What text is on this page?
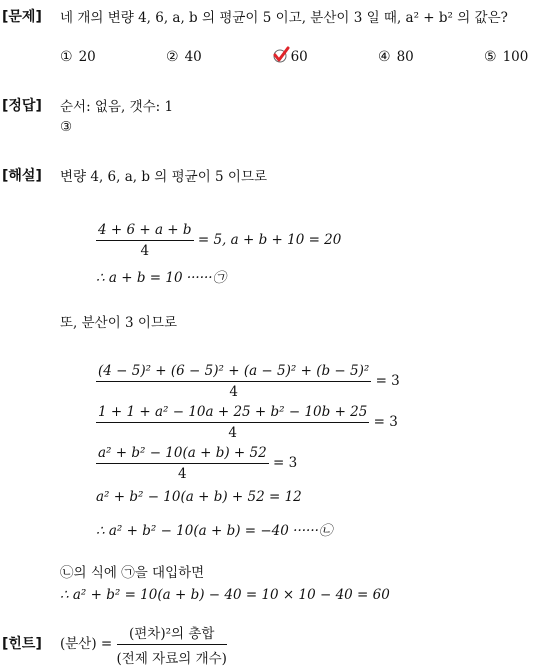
[문제] 네 개의 변량 4, 6, a, b 의 평균이 5 이고, 분산이 3 일 때, a² + b² 의 값은?
① 20	② 40	60	④ 80	⑤ 100
[정답] 순서: 없음, 갯수: 1
③
[해설] 변량 4, 6, a, b 의 평균이 5 이므로
$\frac{4 + 6 + a + b}{4} = 5$, a + b + 10 = 20
∴ a + b = 10 ······㉠
또, 분산이 3 이므로
$\frac{\text{(4 − 5)² + (6 − 5)² + (a − 5)² + (b − 5)²}}{4} = 3$
$\frac{\text{1 + 1 + a² − 10a + 25 + b² − 10b + 25}}{4} = 3$
$\frac{\text{a² + b² − 10(a + b) + 52}}{4} = 3$
a² + b² − 10(a + b) + 52 = 12
∴ a² + b² − 10(a + b) = −40 ······㉡
㉡의 식에 ㉠을 대입하면
∴ a² + b² = 10(a + b) − 40 = 10 × 10 − 40 = 60
[힌트] (분산) = $\frac{\text{(편차)²의 총합}}{\text{(전제 자료의 개수)}}$
